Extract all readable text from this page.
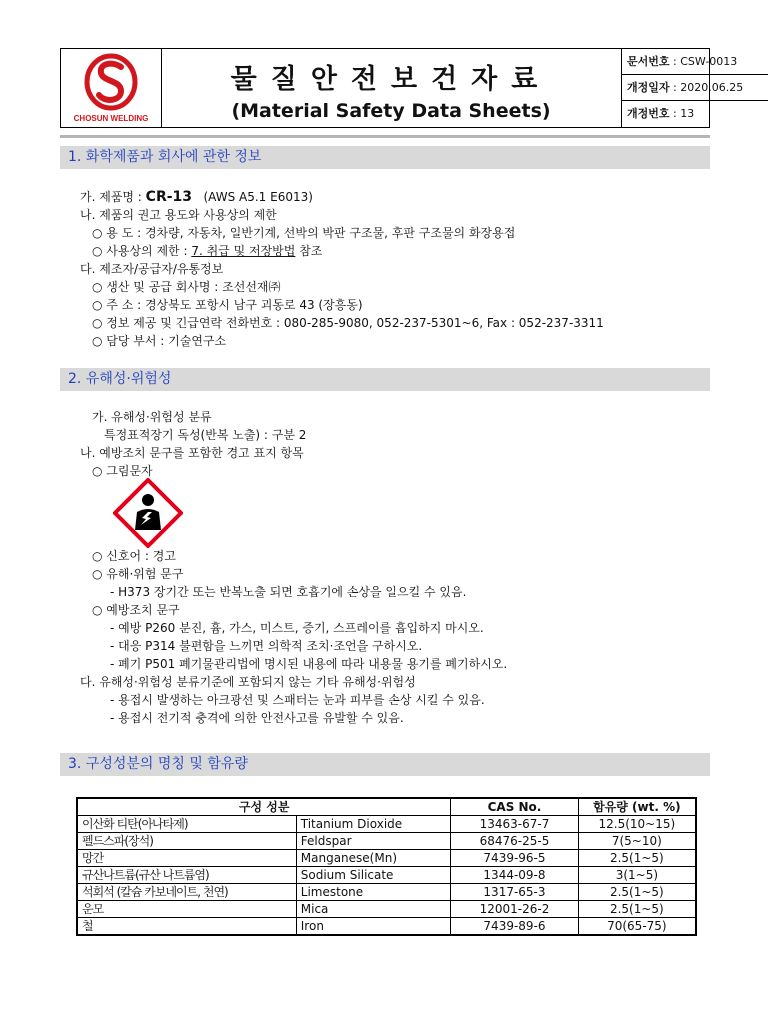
CHOSUN WELDING
물질안전보건자료
(Material Safety Data Sheets)
문서번호 : CSW-0013
개정일자 : 2020.06.25
개정번호 : 13
1. 화학제품과 회사에 관한 정보
가. 제품명 : CR-13 (AWS A5.1 E6013)
나. 제품의 권고 용도와 사용상의 제한
○ 용 도 : 경차량, 자동차, 일반기계, 선박의 박판 구조물, 후판 구조물의 화장용접
○ 사용상의 제한 : 7. 취급 및 저장방법 참조
다. 제조자/공급자/유통정보
○ 생산 및 공급 회사명 : 조선선재㈜
○ 주 소 : 경상북도 포항시 남구 괴동로 43 (장흥동)
○ 정보 제공 및 긴급연락 전화번호 : 080-285-9080, 052-237-5301~6, Fax : 052-237-3311
○ 담당 부서 : 기술연구소
2. 유해성·위험성
가. 유해성·위험성 분류
특정표적장기 독성(반복 노출) : 구분 2
나. 예방조치 문구를 포함한 경고 표지 항목
○ 그림문자
○ 신호어 : 경고
○ 유해·위험 문구
- H373 장기간 또는 반복노출 되면 호흡기에 손상을 일으킬 수 있음.
○ 예방조치 문구
- 예방 P260 분진, 흄, 가스, 미스트, 증기, 스프레이를 흡입하지 마시오.
- 대응 P314 불편함을 느끼면 의학적 조치·조언을 구하시오.
- 폐기 P501 폐기물관리법에 명시된 내용에 따라 내용물 용기를 폐기하시오.
다. 유해성·위험성 분류기준에 포함되지 않는 기타 유해성·위험성
- 용접시 발생하는 아크광선 및 스패터는 눈과 피부를 손상 시킬 수 있음.
- 용접시 전기적 충격에 의한 안전사고를 유발할 수 있음.
3. 구성성분의 명칭 및 함유량
구성 성분		CAS No.	함유량 (wt. %)
이산화 티탄(아나타제)	Titanium Dioxide	13463-67-7	12.5(10~15)
펠드스파(장석)	Feldspar	68476-25-5	7(5~10)
망간	Manganese(Mn)	7439-96-5	2.5(1~5)
규산나트륨(규산 나트륨염)	Sodium Silicate	1344-09-8	3(1~5)
석회석 (칼슘 카보네이트, 천연)	Limestone	1317-65-3	2.5(1~5)
운모	Mica	12001-26-2	2.5(1~5)
철	Iron	7439-89-6	70(65-75)
